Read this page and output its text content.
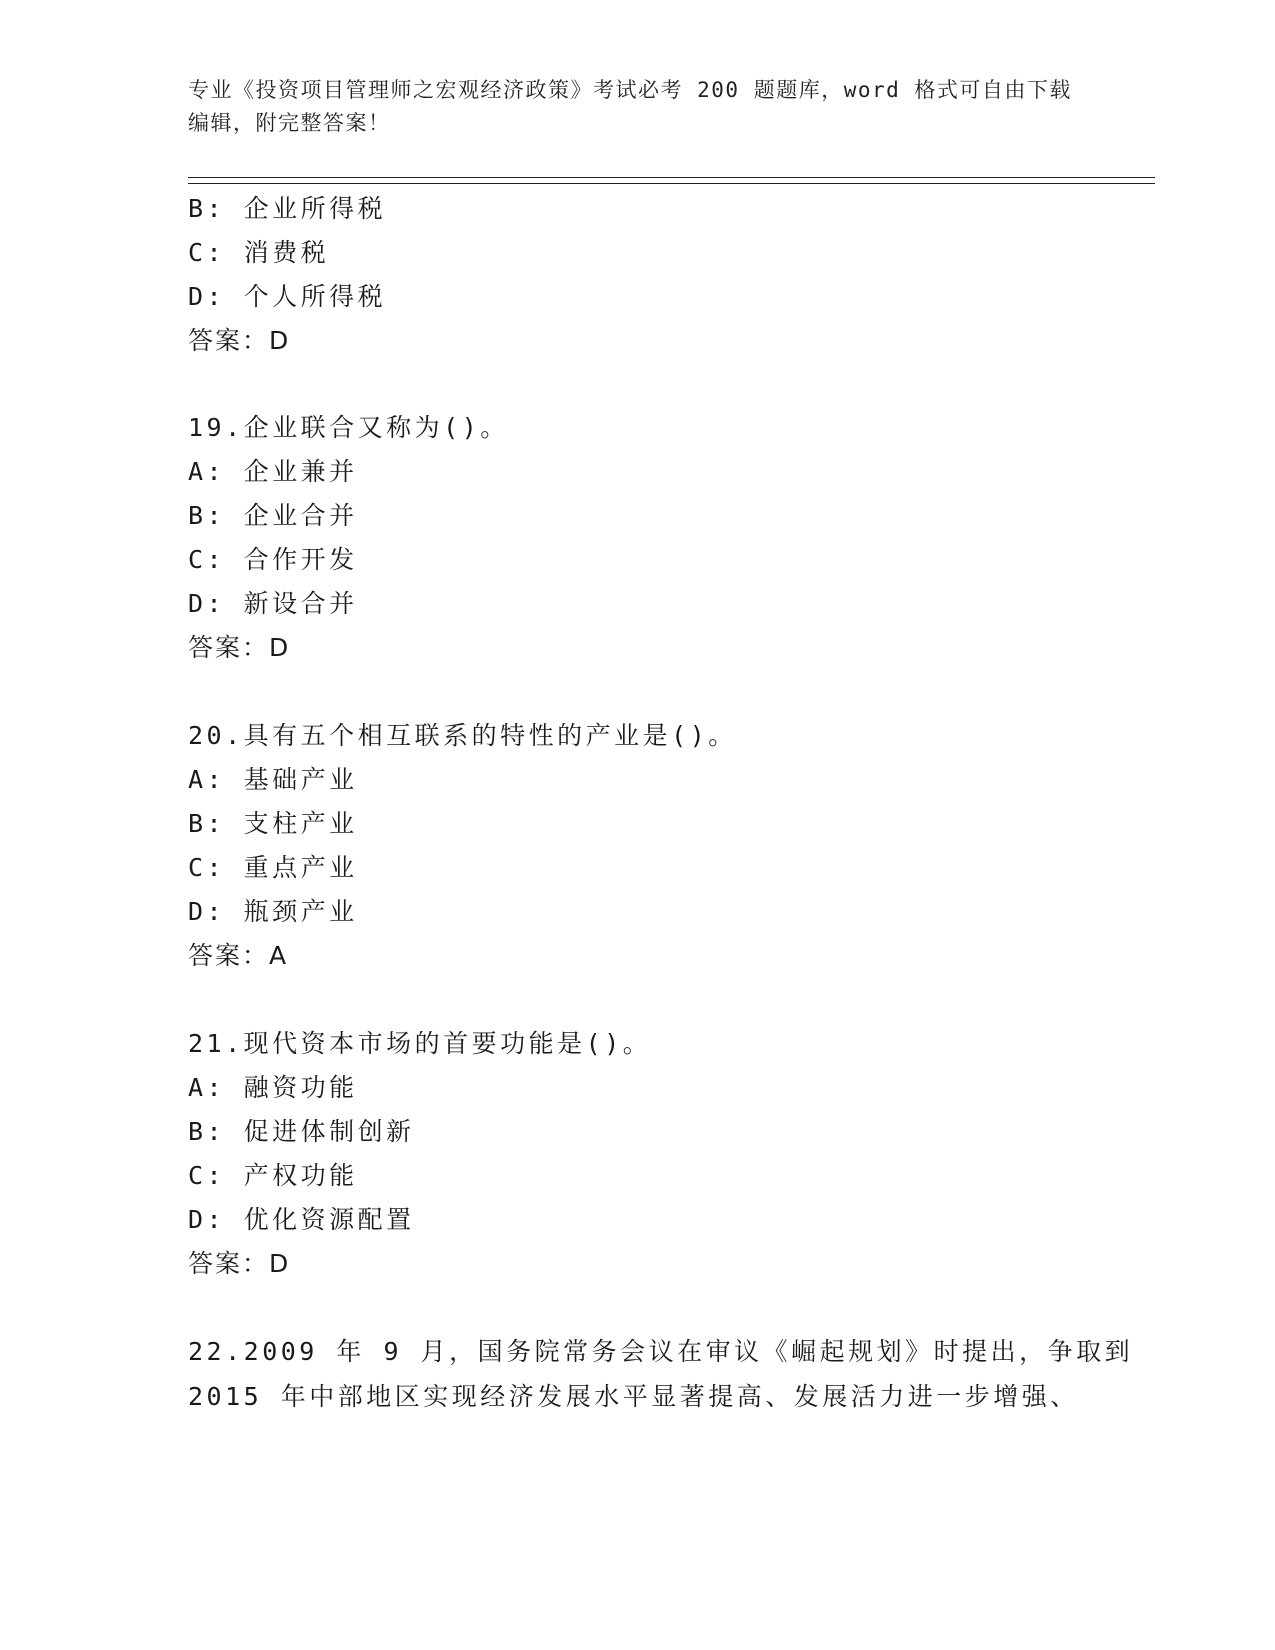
专业《投资项目管理师之宏观经济政策》考试必考 200 题题库，word 格式可自由下载编辑，附完整答案！
B: 企业所得税
C: 消费税
D: 个人所得税
答案：D
19.企业联合又称为()。
A: 企业兼并
B: 企业合并
C: 合作开发
D: 新设合并
答案：D
20.具有五个相互联系的特性的产业是()。
A: 基础产业
B: 支柱产业
C: 重点产业
D: 瓶颈产业
答案：A
21.现代资本市场的首要功能是()。
A: 融资功能
B: 促进体制创新
C: 产权功能
D: 优化资源配置
答案：D
22.2009 年 9 月，国务院常务会议在审议《崛起规划》时提出，争取到
2015 年中部地区实现经济发展水平显著提高、发展活力进一步增强、
